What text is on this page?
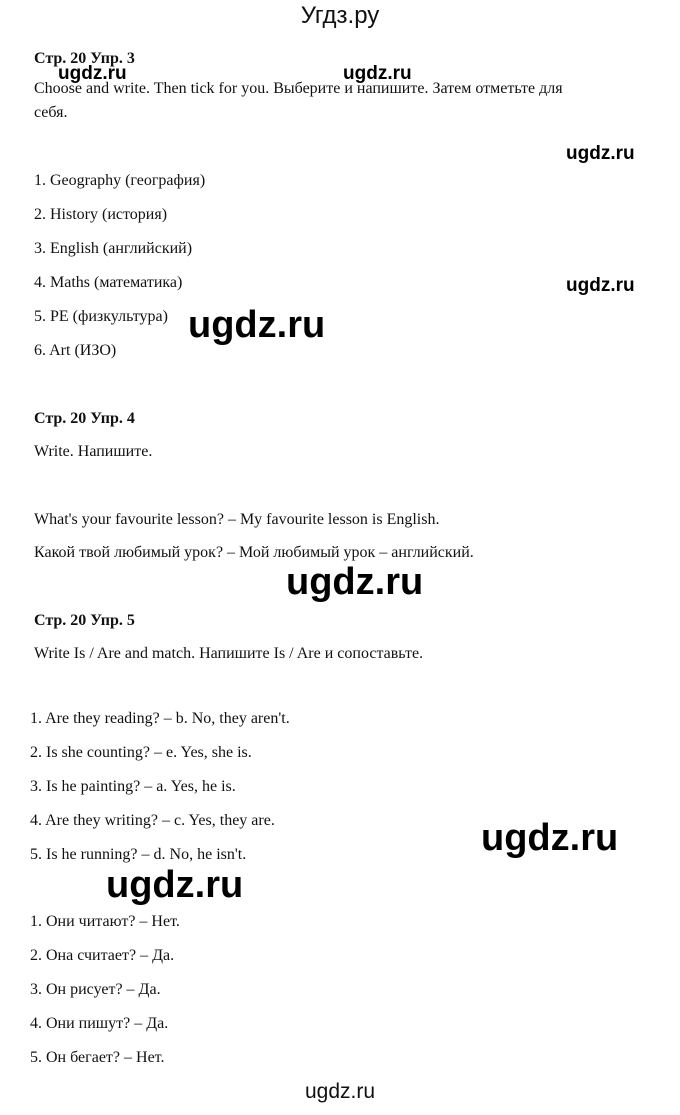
Угдз.ру
Стр. 20 Упр. 3
Choose and write. Then tick for you. Выберите и напишите. Затем отметьте для
себя.
1. Geography (география)
2. History (история)
3. English (английский)
4. Maths (математика)
5. PE (физкультура)
6. Art (ИЗО)
Стр. 20 Упр. 4
Write. Напишите.
What's your favourite lesson? – My favourite lesson is English.
Какой твой любимый урок? – Мой любимый урок – английский.
Стр. 20 Упр. 5
Write Is / Are and match. Напишите Is / Are и сопоставьте.
1. Are they reading? – b. No, they aren't.
2. Is she counting? – e. Yes, she is.
3. Is he painting? – a. Yes, he is.
4. Are they writing? – c. Yes, they are.
5. Is he running? – d. No, he isn't.
1. Они читают? – Нет.
2. Она считает? – Да.
3. Он рисует? – Да.
4. Они пишут? – Да.
5. Он бегает? – Нет.
ugdz.ru	ugdz.ru
ugdz.ru
ugdz.ru
ugdz.ru
ugdz.ru
ugdz.ru
ugdz.ru
ugdz.ru
